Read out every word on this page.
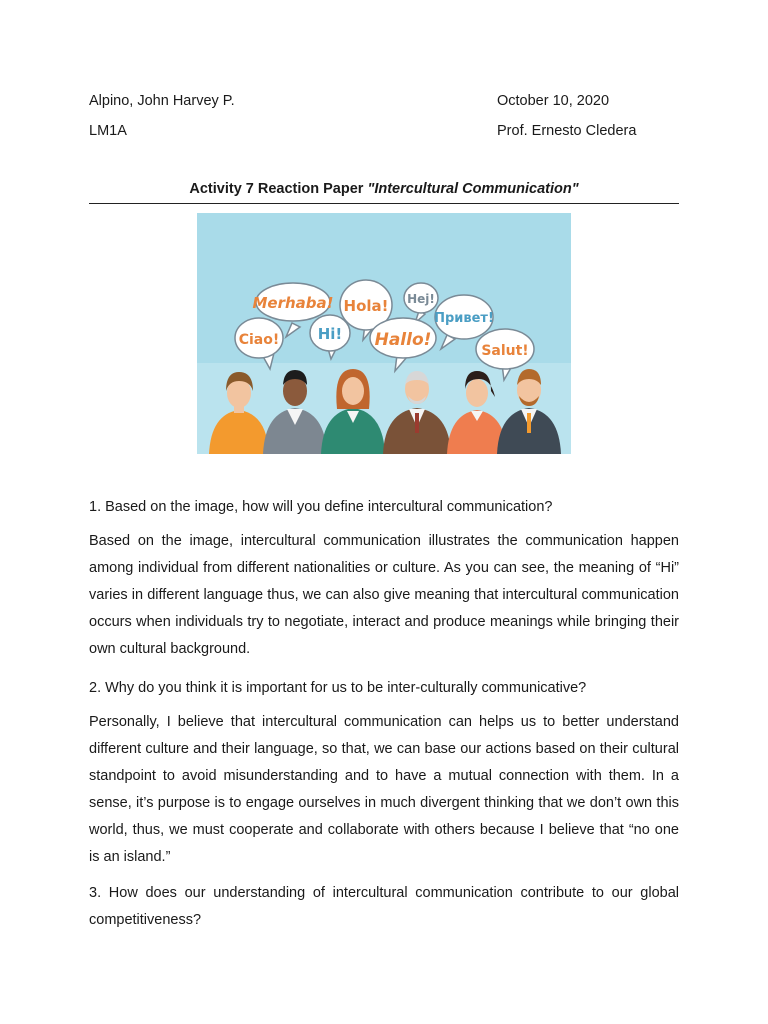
Alpino, John Harvey P.	October 10, 2020
LM1A	Prof. Ernesto Cledera
Activity 7 Reaction Paper "Intercultural Communication"
Merhaba! Hola! Hej!
Ciao!	Hi! Hallo!
Привет!
Salut!

1. Based on the image, how will you define intercultural communication?

Based on the image, intercultural communication illustrates the communication happen among individual from different nationalities or culture. As you can see, the meaning of “Hi” varies in different language thus, we can also give meaning that intercultural communication occurs when individuals try to negotiate, interact and produce meanings while bringing their own cultural background.

2. Why do you think it is important for us to be inter-culturally communicative?

Personally, I believe that intercultural communication can helps us to better understand different culture and their language, so that, we can base our actions based on their cultural standpoint to avoid misunderstanding and to have a mutual connection with them. In a sense, it’s purpose is to engage ourselves in much divergent thinking that we don’t own this world, thus, we must cooperate and collaborate with others because I believe that “no one is an island.”

3. How does our understanding of intercultural communication contribute to our global competitiveness?
